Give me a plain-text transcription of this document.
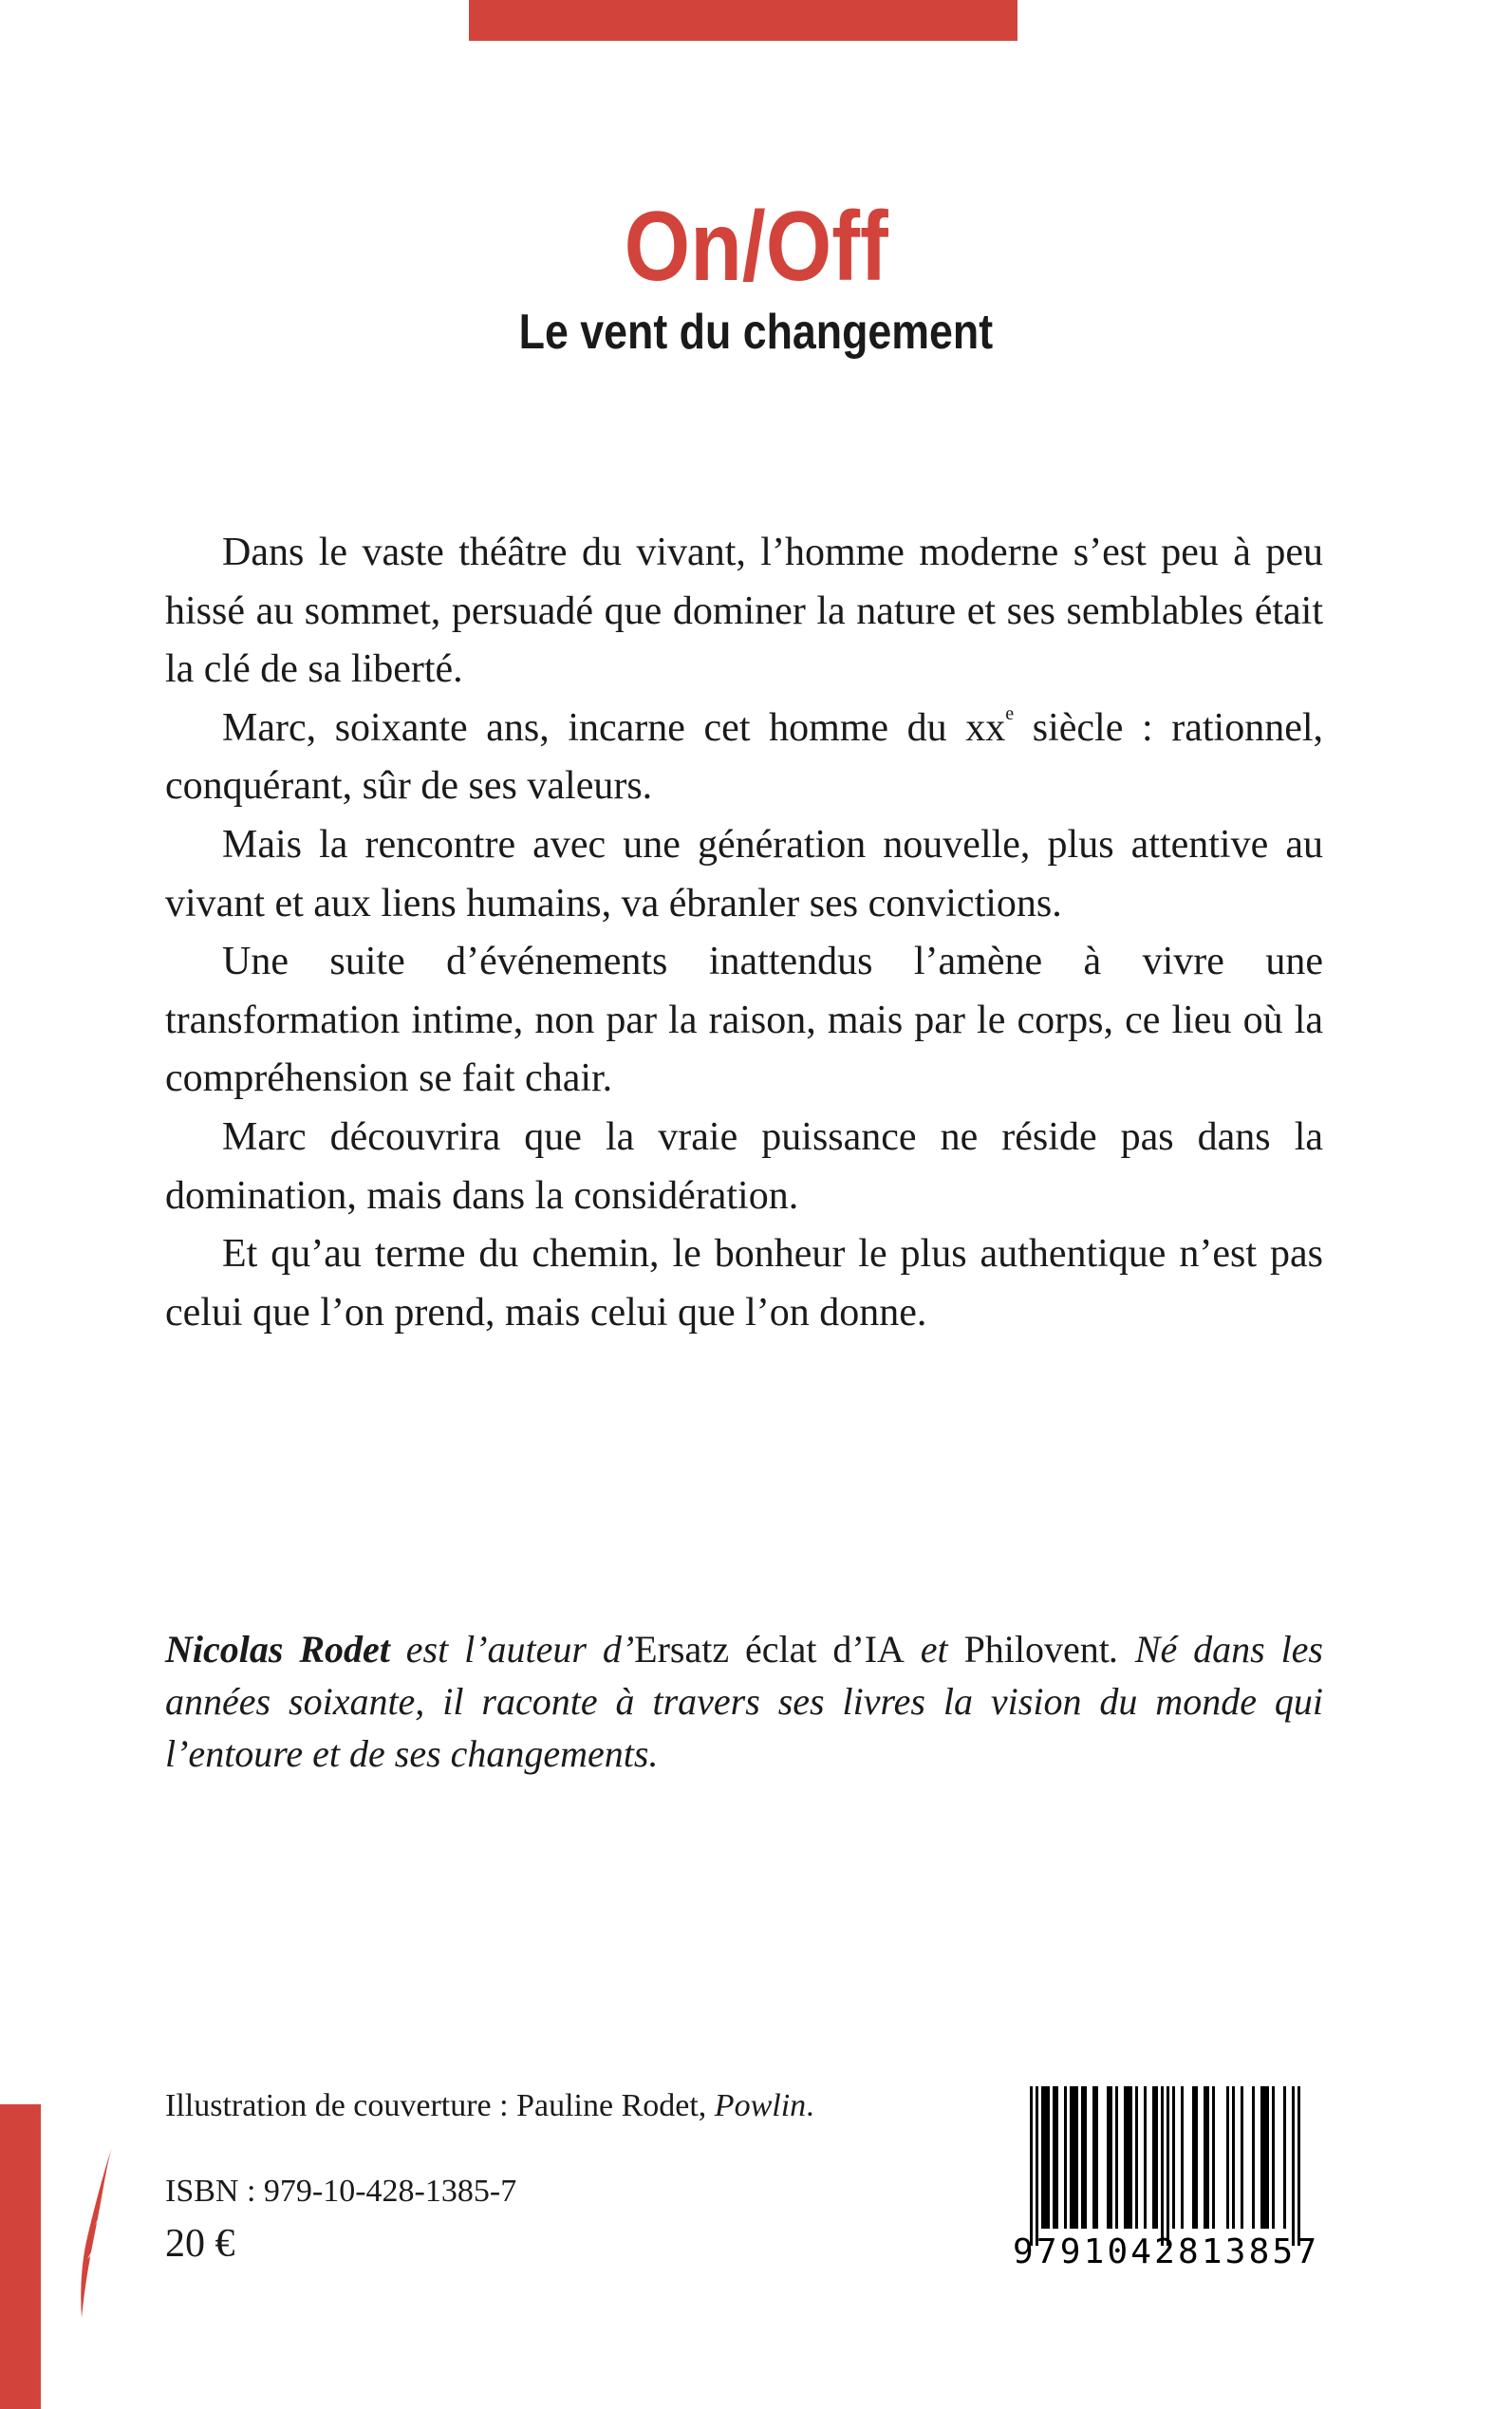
On/Off
Le vent du changement

Dans le vaste théâtre du vivant, l’homme moderne s’est peu à peu hissé au sommet, persuadé que dominer la nature et ses semblables était la clé de sa liberté.

Marc, soixante ans, incarne cet homme du $xx^e$ siècle : rationnel, conquérant, sûr de ses valeurs.

Mais la rencontre avec une génération nouvelle, plus attentive au vivant et aux liens humains, va ébranler ses convictions.

Une suite d’événements inattendus l’amène à vivre une transformation intime, non par la raison, mais par le corps, ce lieu où la compréhension se fait chair.

Marc découvrira que la vraie puissance ne réside pas dans la domination, mais dans la considération.

Et qu’au terme du chemin, le bonheur le plus authentique n’est pas celui que l’on prend, mais celui que l’on donne.

Nicolas Rodet est l’auteur d’Ersatz éclat d’IA et Philovent. Né dans les années soixante, il raconte à travers ses livres la vision du monde qui l’entoure et de ses changements.
Illustration de couverture : Pauline Rodet, Powlin.
ISBN : 979-10-428-1385-7
20 €	9791042813857
